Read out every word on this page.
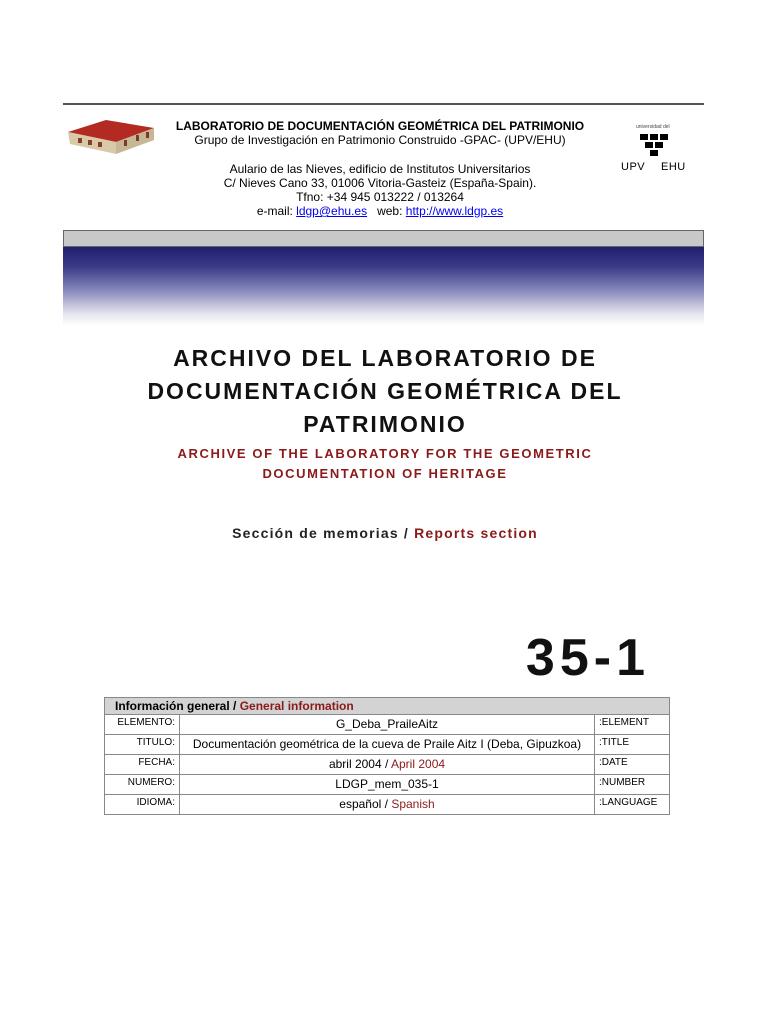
LABORATORIO DE DOCUMENTACIÓN GEOMÉTRICA DEL PATRIMONIO
Grupo de Investigación en Patrimonio Construido -GPAC- (UPV/EHU)
Aulario de las Nieves, edificio de Institutos Universitarios
C/ Nieves Cano 33, 01006 Vitoria-Gasteiz (España-Spain).
Tfno: +34 945 013222 / 013264
e-mail: ldgp@ehu.es web: http://www.ldgp.es
universidad del
UPV EHU
ARCHIVO DEL LABORATORIO DE
DOCUMENTACIÓN GEOMÉTRICA DEL
PATRIMONIO
ARCHIVE OF THE LABORATORY FOR THE GEOMETRIC
DOCUMENTATION OF HERITAGE
Sección de memorias / Reports section
35-1
Información general / General information		
ELEMENTO:	G_Deba_PraileAitz	:ELEMENT
TITULO:	Documentación geométrica de la cueva de Praile Aitz I (Deba, Gipuzkoa)	:TITLE
FECHA:	abril 2004 / April 2004	:DATE
NUMERO:	LDGP_mem_035-1	:NUMBER
IDIOMA:	español / Spanish	:LANGUAGE
